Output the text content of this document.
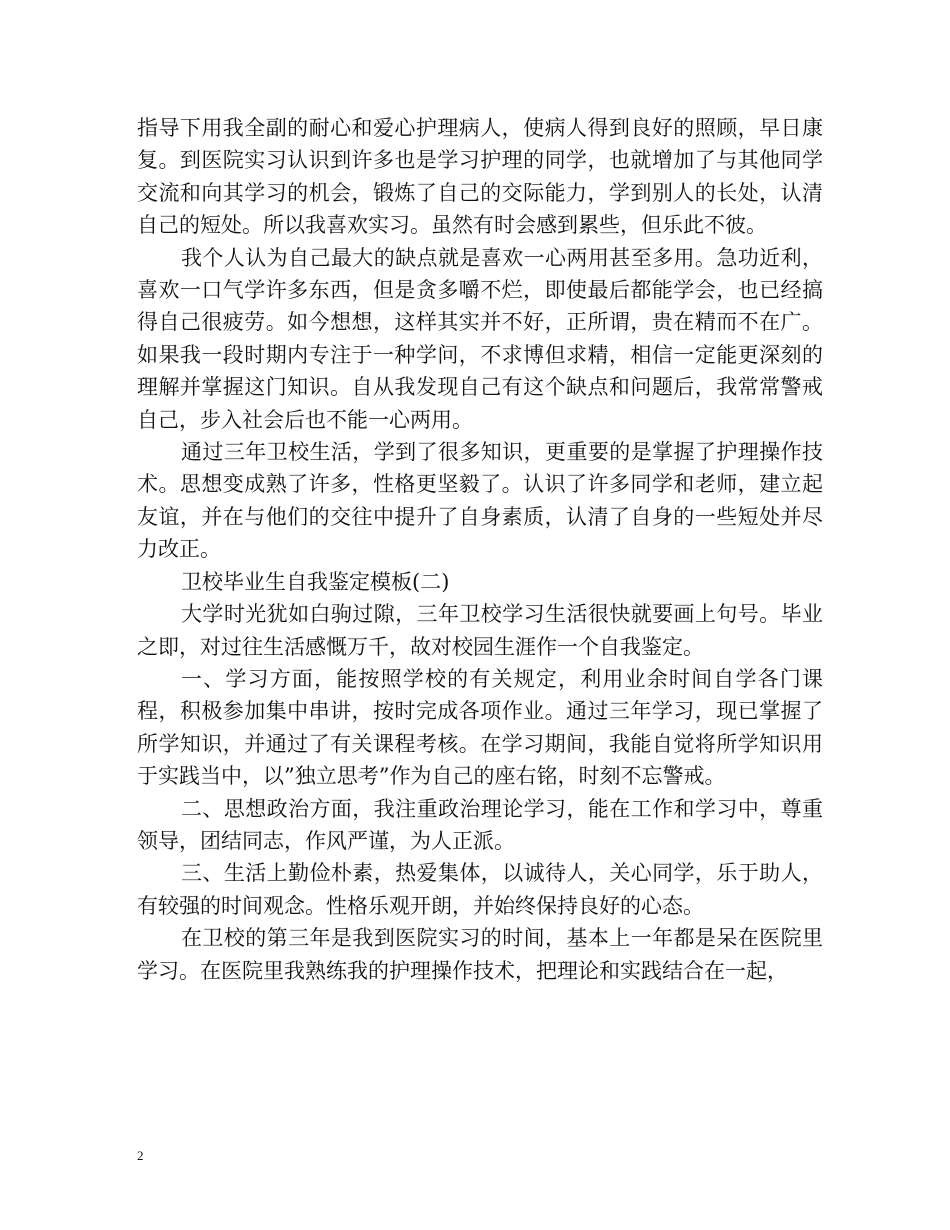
指导下用我全副的耐心和爱心护理病人，使病人得到良好的照顾，早日康复。到医院实习认识到许多也是学习护理的同学，也就增加了与其他同学交流和向其学习的机会，锻炼了自己的交际能力，学到别人的长处，认清自己的短处。所以我喜欢实习。虽然有时会感到累些，但乐此不彼。

我个人认为自己最大的缺点就是喜欢一心两用甚至多用。急功近利，喜欢一口气学许多东西，但是贪多嚼不烂，即使最后都能学会，也已经搞得自己很疲劳。如今想想，这样其实并不好，正所谓，贵在精而不在广。如果我一段时期内专注于一种学问，不求博但求精，相信一定能更深刻的理解并掌握这门知识。自从我发现自己有这个缺点和问题后，我常常警戒自己，步入社会后也不能一心两用。

通过三年卫校生活，学到了很多知识，更重要的是掌握了护理操作技术。思想变成熟了许多，性格更坚毅了。认识了许多同学和老师，建立起友谊，并在与他们的交往中提升了自身素质，认清了自身的一些短处并尽力改正。

卫校毕业生自我鉴定模板(二)

大学时光犹如白驹过隙，三年卫校学习生活很快就要画上句号。毕业之即，对过往生活感慨万千，故对校园生涯作一个自我鉴定。

一、学习方面，能按照学校的有关规定，利用业余时间自学各门课程，积极参加集中串讲，按时完成各项作业。通过三年学习，现已掌握了所学知识，并通过了有关课程考核。在学习期间，我能自觉将所学知识用于实践当中，以”独立思考”作为自己的座右铭，时刻不忘警戒。

二、思想政治方面，我注重政治理论学习，能在工作和学习中，尊重领导，团结同志，作风严谨，为人正派。

三、生活上勤俭朴素，热爱集体，以诚待人，关心同学，乐于助人，有较强的时间观念。性格乐观开朗，并始终保持良好的心态。

在卫校的第三年是我到医院实习的时间，基本上一年都是呆在医院里学习。在医院里我熟练我的护理操作技术，把理论和实践结合在一起，

2
